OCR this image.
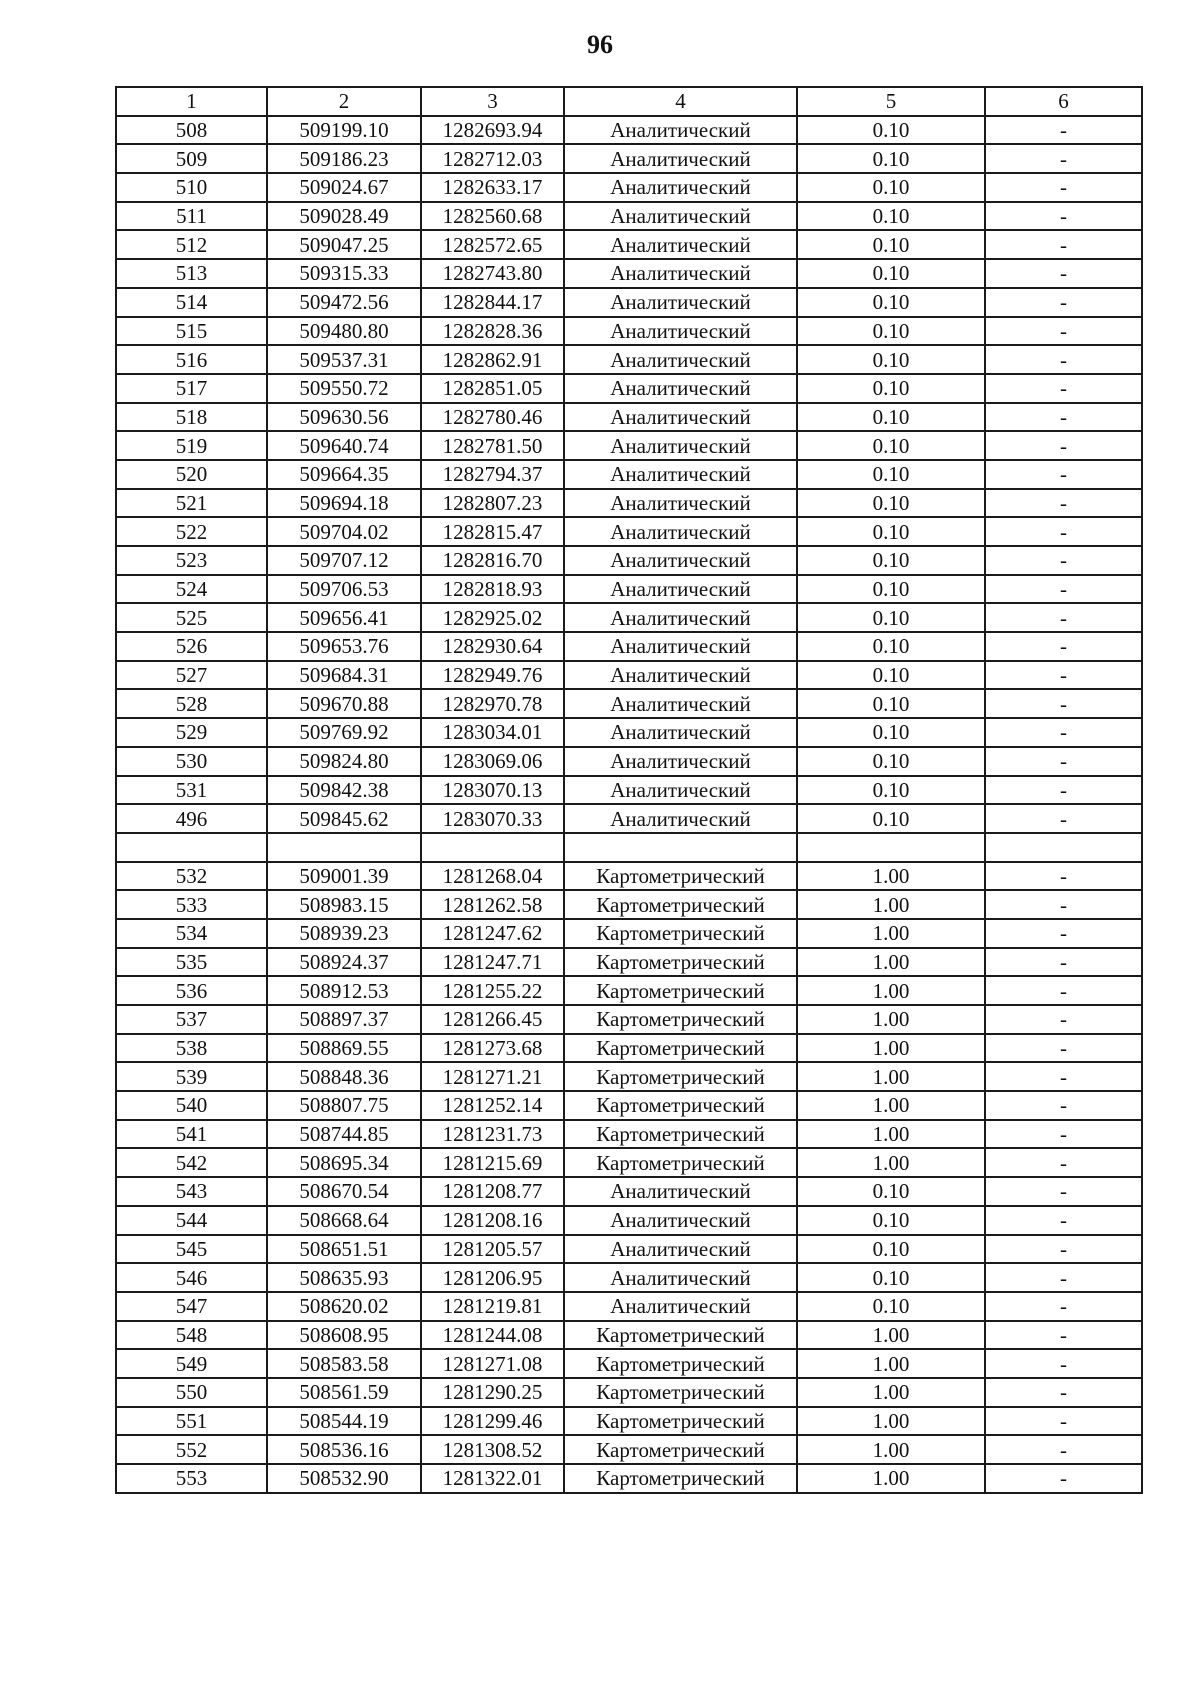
96
1	2	3	4	5	6
508	509199.10	1282693.94	Аналитический	0.10	-
509	509186.23	1282712.03	Аналитический	0.10	-
510	509024.67	1282633.17	Аналитический	0.10	-
511	509028.49	1282560.68	Аналитический	0.10	-
512	509047.25	1282572.65	Аналитический	0.10	-
513	509315.33	1282743.80	Аналитический	0.10	-
514	509472.56	1282844.17	Аналитический	0.10	-
515	509480.80	1282828.36	Аналитический	0.10	-
516	509537.31	1282862.91	Аналитический	0.10	-
517	509550.72	1282851.05	Аналитический	0.10	-
518	509630.56	1282780.46	Аналитический	0.10	-
519	509640.74	1282781.50	Аналитический	0.10	-
520	509664.35	1282794.37	Аналитический	0.10	-
521	509694.18	1282807.23	Аналитический	0.10	-
522	509704.02	1282815.47	Аналитический	0.10	-
523	509707.12	1282816.70	Аналитический	0.10	-
524	509706.53	1282818.93	Аналитический	0.10	-
525	509656.41	1282925.02	Аналитический	0.10	-
526	509653.76	1282930.64	Аналитический	0.10	-
527	509684.31	1282949.76	Аналитический	0.10	-
528	509670.88	1282970.78	Аналитический	0.10	-
529	509769.92	1283034.01	Аналитический	0.10	-
530	509824.80	1283069.06	Аналитический	0.10	-
531	509842.38	1283070.13	Аналитический	0.10	-
496	509845.62	1283070.33	Аналитический	0.10	-

532	509001.39	1281268.04	Картометрический	1.00	-
533	508983.15	1281262.58	Картометрический	1.00	-
534	508939.23	1281247.62	Картометрический	1.00	-
535	508924.37	1281247.71	Картометрический	1.00	-
536	508912.53	1281255.22	Картометрический	1.00	-
537	508897.37	1281266.45	Картометрический	1.00	-
538	508869.55	1281273.68	Картометрический	1.00	-
539	508848.36	1281271.21	Картометрический	1.00	-
540	508807.75	1281252.14	Картометрический	1.00	-
541	508744.85	1281231.73	Картометрический	1.00	-
542	508695.34	1281215.69	Картометрический	1.00	-
543	508670.54	1281208.77	Аналитический	0.10	-
544	508668.64	1281208.16	Аналитический	0.10	-
545	508651.51	1281205.57	Аналитический	0.10	-
546	508635.93	1281206.95	Аналитический	0.10	-
547	508620.02	1281219.81	Аналитический	0.10	-
548	508608.95	1281244.08	Картометрический	1.00	-
549	508583.58	1281271.08	Картометрический	1.00	-
550	508561.59	1281290.25	Картометрический	1.00	-
551	508544.19	1281299.46	Картометрический	1.00	-
552	508536.16	1281308.52	Картометрический	1.00	-
553	508532.90	1281322.01	Картометрический	1.00	-
